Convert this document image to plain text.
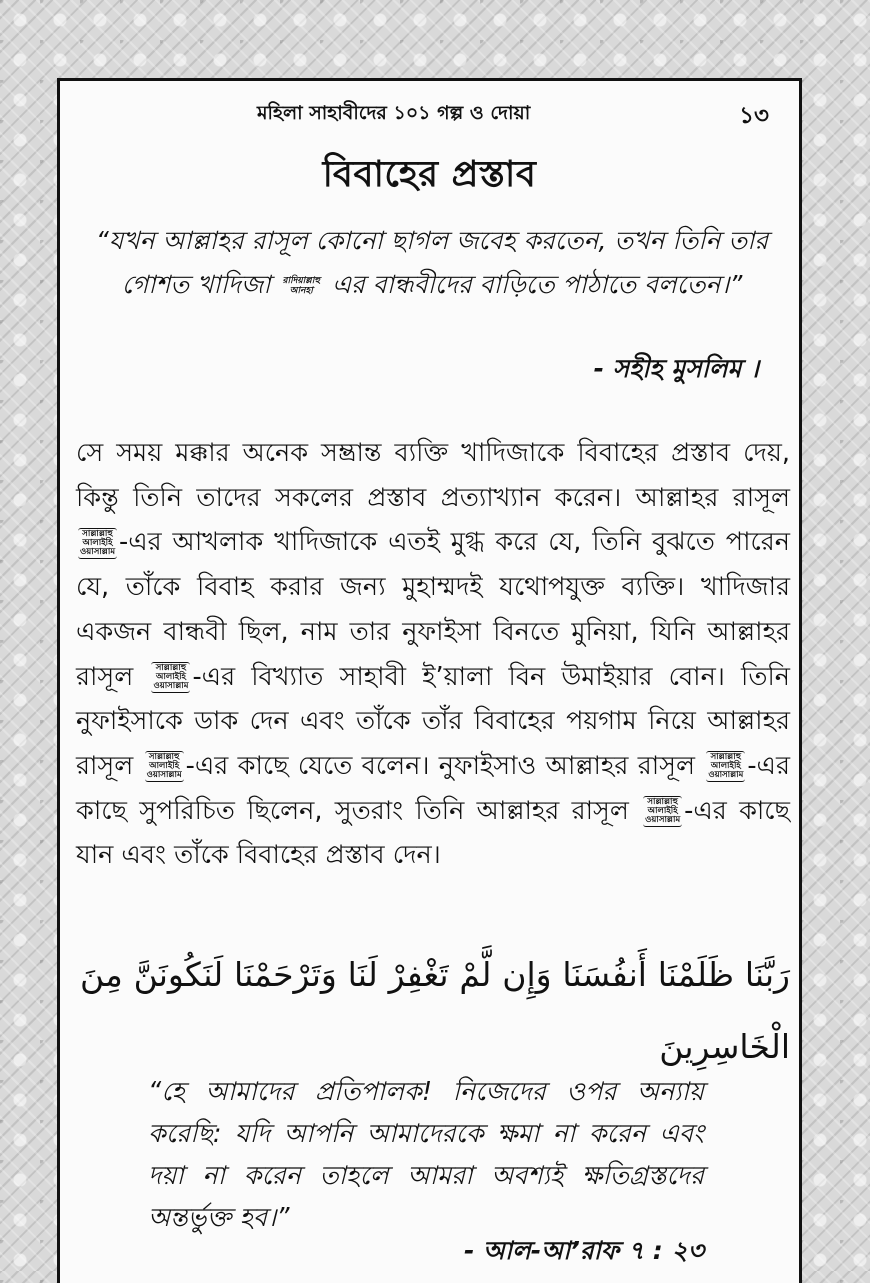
মহিলা সাহাবীদের ১০১ গল্প ও দোয়া	১৩
বিবাহের প্রস্তাব
“যখন আল্লাহর রাসূল কোনো ছাগল জবেহ করতেন, তখন তিনি তার গোশত খাদিজা রাদিয়াল্লাহু
আনহা এর বান্ধবীদের বাড়িতে পাঠাতে বলতেন।”
- সহীহ মুসলিম ।

সে সময় মক্কার অনেক সম্ভ্রান্ত ব্যক্তি খাদিজাকে বিবাহের প্রস্তাব দেয়, কিন্তু তিনি তাদের সকলের প্রস্তাব প্রত্যাখ্যান করেন। আল্লাহর রাসূল সাল্লাল্লাহু
আলাইহি
ওয়াসাল্লাম -এর আখলাক খাদিজাকে এতই মুগ্ধ করে যে, তিনি বুঝতে পারেন যে, তাঁকে বিবাহ করার জন্য মুহাম্মদই যথোপযুক্ত ব্যক্তি। খাদিজার একজন বান্ধবী ছিল, নাম তার নুফাইসা বিনতে মুনিয়া, যিনি আল্লাহর রাসূল	সাল্লাল্লাহু
আলাইহি
ওয়াসাল্লাম -এর বিখ্যাত সাহাবী ই’য়ালা বিন উমাইয়ার বোন। তিনি নুফাইসাকে ডাক দেন এবং তাঁকে তাঁর বিবাহের পয়গাম নিয়ে আল্লাহর রাসূল সাল্লাল্লাহু
আলাইহি
ওয়াসাল্লাম -এর কাছে যেতে বলেন। নুফাইসাও আল্লাহর রাসূল সাল্লাল্লাহু
আলাইহি
ওয়াসাল্লাম -এর কাছে সুপরিচিত ছিলেন, সুতরাং তিনি আল্লাহর রাসূল সাল্লাল্লাহু
আলাইহি
ওয়াসাল্লাম -এর কাছে যান এবং তাঁকে বিবাহের প্রস্তাব দেন।

رَبَّنَا ظَلَمْنَا أَنفُسَنَا وَإِن لَّمْ تَغْفِرْ لَنَا وَتَرْحَمْنَا لَنَكُونَنَّ مِنَ الْخَاسِرِينَ

“হে আমাদের প্রতিপালক! নিজেদের ওপর অন্যায় করেছি: যদি আপনি আমাদেরকে ক্ষমা না করেন এবং দয়া না করেন তাহলে আমরা অবশ্যই ক্ষতিগ্রস্তদের অন্তর্ভুক্ত হব।”

- আল-আ’রাফ ৭ : ২৩
